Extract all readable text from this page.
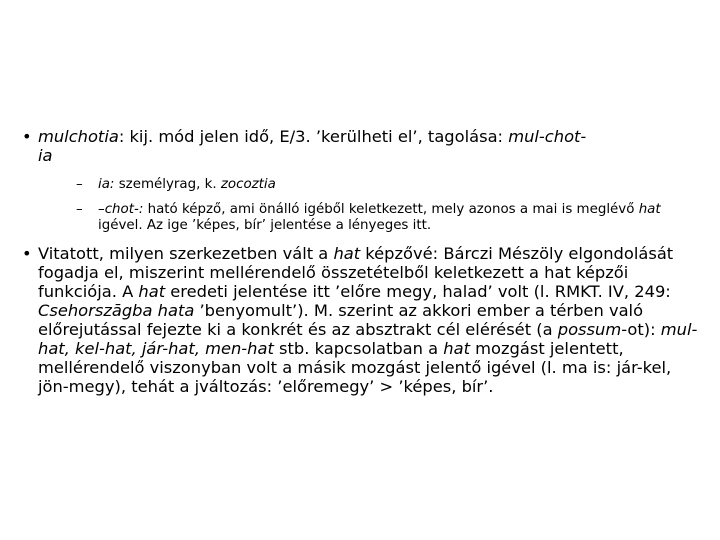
• mulchotia: kij. mód jelen idő, E/3. ’kerülheti el’, tagolása: mul-chot-
ia

– ia: személyrag, k. zocoztia

– –chot-: ható képző, ami önálló igéből keletkezett, mely azonos a mai is meglévő hat igével. Az ige ’képes, bír’ jelentése a lényeges itt.

• Vitatott, milyen szerkezetben vált a hat képzővé: Bárczi Mészöly elgondolását fogadja el, miszerint mellérendelő összetételből keletkezett a hat képzői funkciója. A hat eredeti jelentése itt ’előre megy, halad’ volt (l. RMKT. IV, 249: Csehorszāgba hata ’benyomult’). M. szerint az akkori ember a térben való előrejutással fejezte ki a konkrét és az absztrakt cél elérését (a possum-ot): mul-hat, kel-hat, jár-hat, men-hat stb. kapcsolatban a hat mozgást jelentett, mellérendelő viszonyban volt a másik mozgást jelentő igével (l. ma is: jár-kel, jön-megy), tehát a jváltozás: ’előremegy’ > ’képes, bír’.
